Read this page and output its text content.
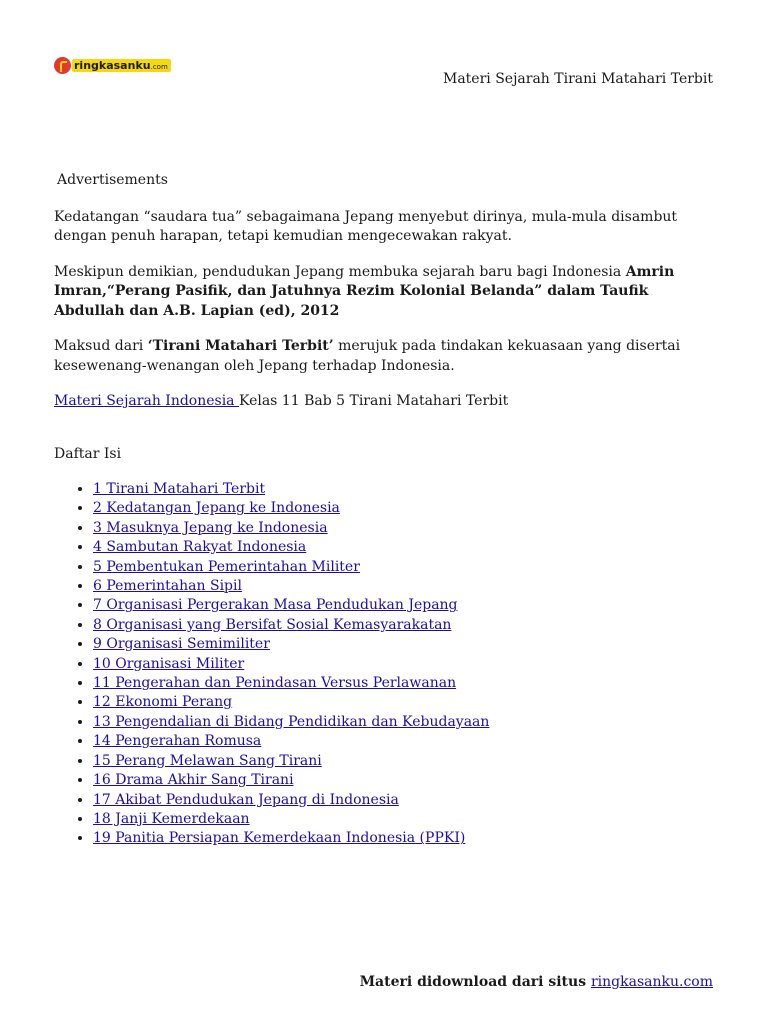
ringkasanku.com
Materi Sejarah Tirani Matahari Terbit

Advertisements

Kedatangan “saudara tua” sebagaimana Jepang menyebut dirinya, mula-mula disambut dengan penuh harapan, tetapi kemudian mengecewakan rakyat.

Meskipun demikian, pendudukan Jepang membuka sejarah baru bagi Indonesia Amrin Imran,“Perang Pasifik, dan Jatuhnya Rezim Kolonial Belanda” dalam Taufik Abdullah dan A.B. Lapian (ed), 2012

Maksud dari ‘Tirani Matahari Terbit’ merujuk pada tindakan kekuasaan yang disertai kesewenang-wenangan oleh Jepang terhadap Indonesia.

Materi Sejarah Indonesia Kelas 11 Bab 5 Tirani Matahari Terbit

Daftar Isi

• 1 Tirani Matahari Terbit
• 2 Kedatangan Jepang ke Indonesia
• 3 Masuknya Jepang ke Indonesia
• 4 Sambutan Rakyat Indonesia
• 5 Pembentukan Pemerintahan Militer
• 6 Pemerintahan Sipil
• 7 Organisasi Pergerakan Masa Pendudukan Jepang
• 8 Organisasi yang Bersifat Sosial Kemasyarakatan
• 9 Organisasi Semimiliter
• 10 Organisasi Militer
• 11 Pengerahan dan Penindasan Versus Perlawanan
• 12 Ekonomi Perang
• 13 Pengendalian di Bidang Pendidikan dan Kebudayaan
• 14 Pengerahan Romusa
• 15 Perang Melawan Sang Tirani
• 16 Drama Akhir Sang Tirani
• 17 Akibat Pendudukan Jepang di Indonesia
• 18 Janji Kemerdekaan
• 19 Panitia Persiapan Kemerdekaan Indonesia (PPKI)
Materi didownload dari situs ringkasanku.com
